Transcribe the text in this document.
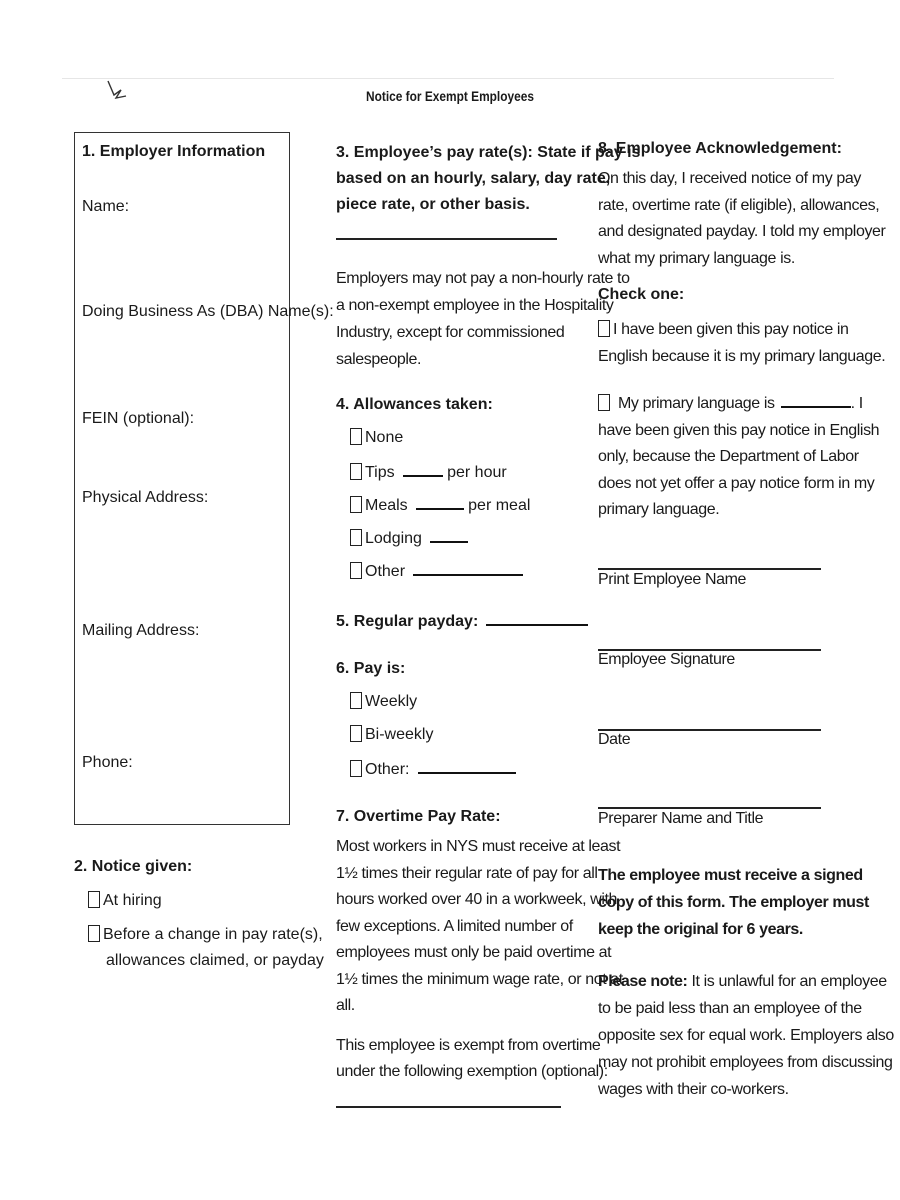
Notice for Exempt Employees
1. Employer Information
Name:
Doing Business As (DBA) Name(s):
FEIN (optional):
Physical Address:
Mailing Address:
Phone:
2. Notice given:
At hiring
Before a change in pay rate(s),
allowances claimed, or payday
3. Employee’s pay rate(s): State if pay is
based on an hourly, salary, day rate,
piece rate, or other basis.
Employers may not pay a non-hourly rate to
a non-exempt employee in the Hospitality
Industry, except for commissioned
salespeople.
4. Allowances taken:
None
Tips	per hour
Meals	per meal
Lodging
Other
5. Regular payday:
6. Pay is:
Weekly
Bi-weekly
Other:
7. Overtime Pay Rate:
Most workers in NYS must receive at least
1½ times their regular rate of pay for all
hours worked over 40 in a workweek, with
few exceptions. A limited number of
employees must only be paid overtime at
1½ times the minimum wage rate, or not at
all.
This employee is exempt from overtime
under the following exemption (optional):
8. Employee Acknowledgement:
On this day, I received notice of my pay
rate, overtime rate (if eligible), allowances,
and designated payday. I told my employer
what my primary language is.
Check one:
I have been given this pay notice in
English because it is my primary language.
My primary language is	. I
have been given this pay notice in English
only, because the Department of Labor
does not yet offer a pay notice form in my
primary language.
Print Employee Name
Employee Signature
Date
Preparer Name and Title
The employee must receive a signed
copy of this form. The employer must
keep the original for 6 years.
Please note: It is unlawful for an employee
to be paid less than an employee of the
opposite sex for equal work. Employers also
may not prohibit employees from discussing
wages with their co-workers.
